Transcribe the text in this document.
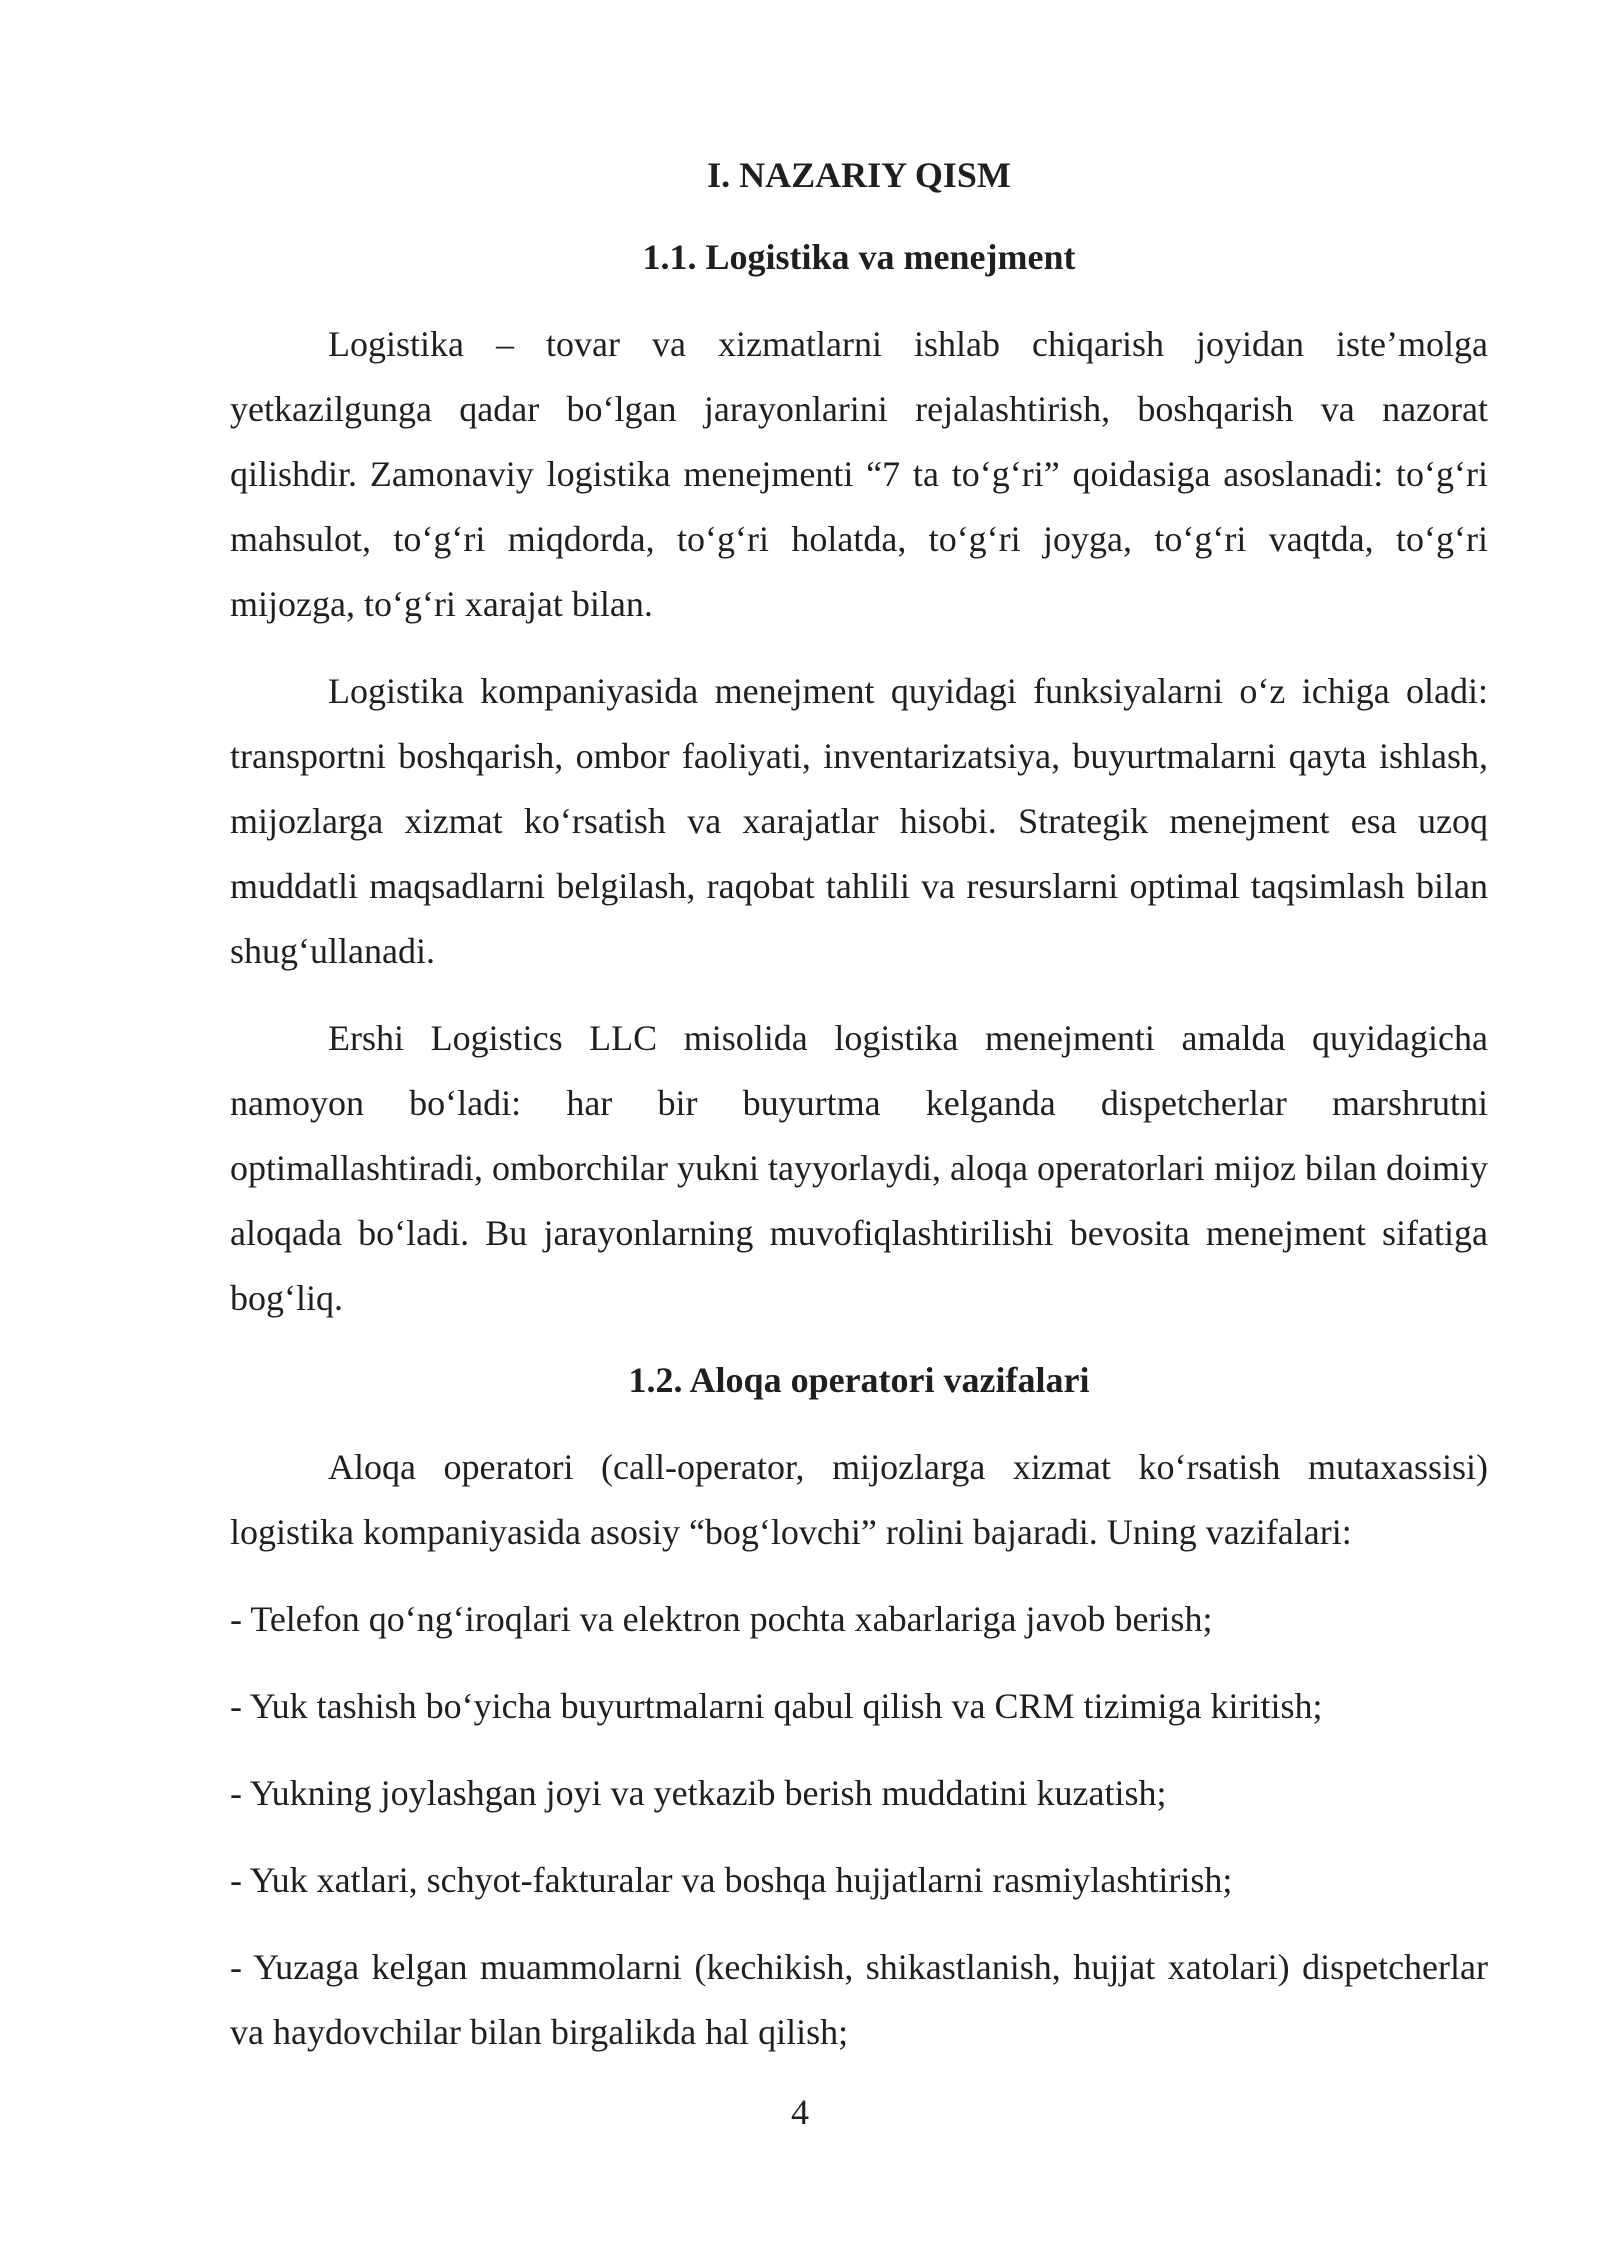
I. NAZARIY QISM
1.1. Logistika va menejment

Logistika – tovar va xizmatlarni ishlab chiqarish joyidan iste’molga yetkazilgunga qadar bo‘lgan jarayonlarini rejalashtirish, boshqarish va nazorat qilishdir. Zamonaviy logistika menejmenti “7 ta to‘g‘ri” qoidasiga asoslanadi: to‘g‘ri mahsulot, to‘g‘ri miqdorda, to‘g‘ri holatda, to‘g‘ri joyga, to‘g‘ri vaqtda, to‘g‘ri mijozga, to‘g‘ri xarajat bilan.

Logistika kompaniyasida menejment quyidagi funksiyalarni o‘z ichiga oladi: transportni boshqarish, ombor faoliyati, inventarizatsiya, buyurtmalarni qayta ishlash, mijozlarga xizmat ko‘rsatish va xarajatlar hisobi. Strategik menejment esa uzoq muddatli maqsadlarni belgilash, raqobat tahlili va resurslarni optimal taqsimlash bilan shug‘ullanadi.

Ershi Logistics LLC misolida logistika menejmenti amalda quyidagicha namoyon bo‘ladi: har bir buyurtma kelganda dispetcherlar marshrutni optimallashtiradi, omborchilar yukni tayyorlaydi, aloqa operatorlari mijoz bilan doimiy aloqada bo‘ladi. Bu jarayonlarning muvofiqlashtirilishi bevosita menejment sifatiga bog‘liq.

1.2. Aloqa operatori vazifalari

Aloqa operatori (call-operator, mijozlarga xizmat ko‘rsatish mutaxassisi) logistika kompaniyasida asosiy “bog‘lovchi” rolini bajaradi. Uning vazifalari:

- Telefon qo‘ng‘iroqlari va elektron pochta xabarlariga javob berish;
- Yuk tashish bo‘yicha buyurtmalarni qabul qilish va CRM tizimiga kiritish;
- Yukning joylashgan joyi va yetkazib berish muddatini kuzatish;
- Yuk xatlari, schyot-fakturalar va boshqa hujjatlarni rasmiylashtirish;
- Yuzaga kelgan muammolarni (kechikish, shikastlanish, hujjat xatolari) dispetcherlar va haydovchilar bilan birgalikda hal qilish;
4
